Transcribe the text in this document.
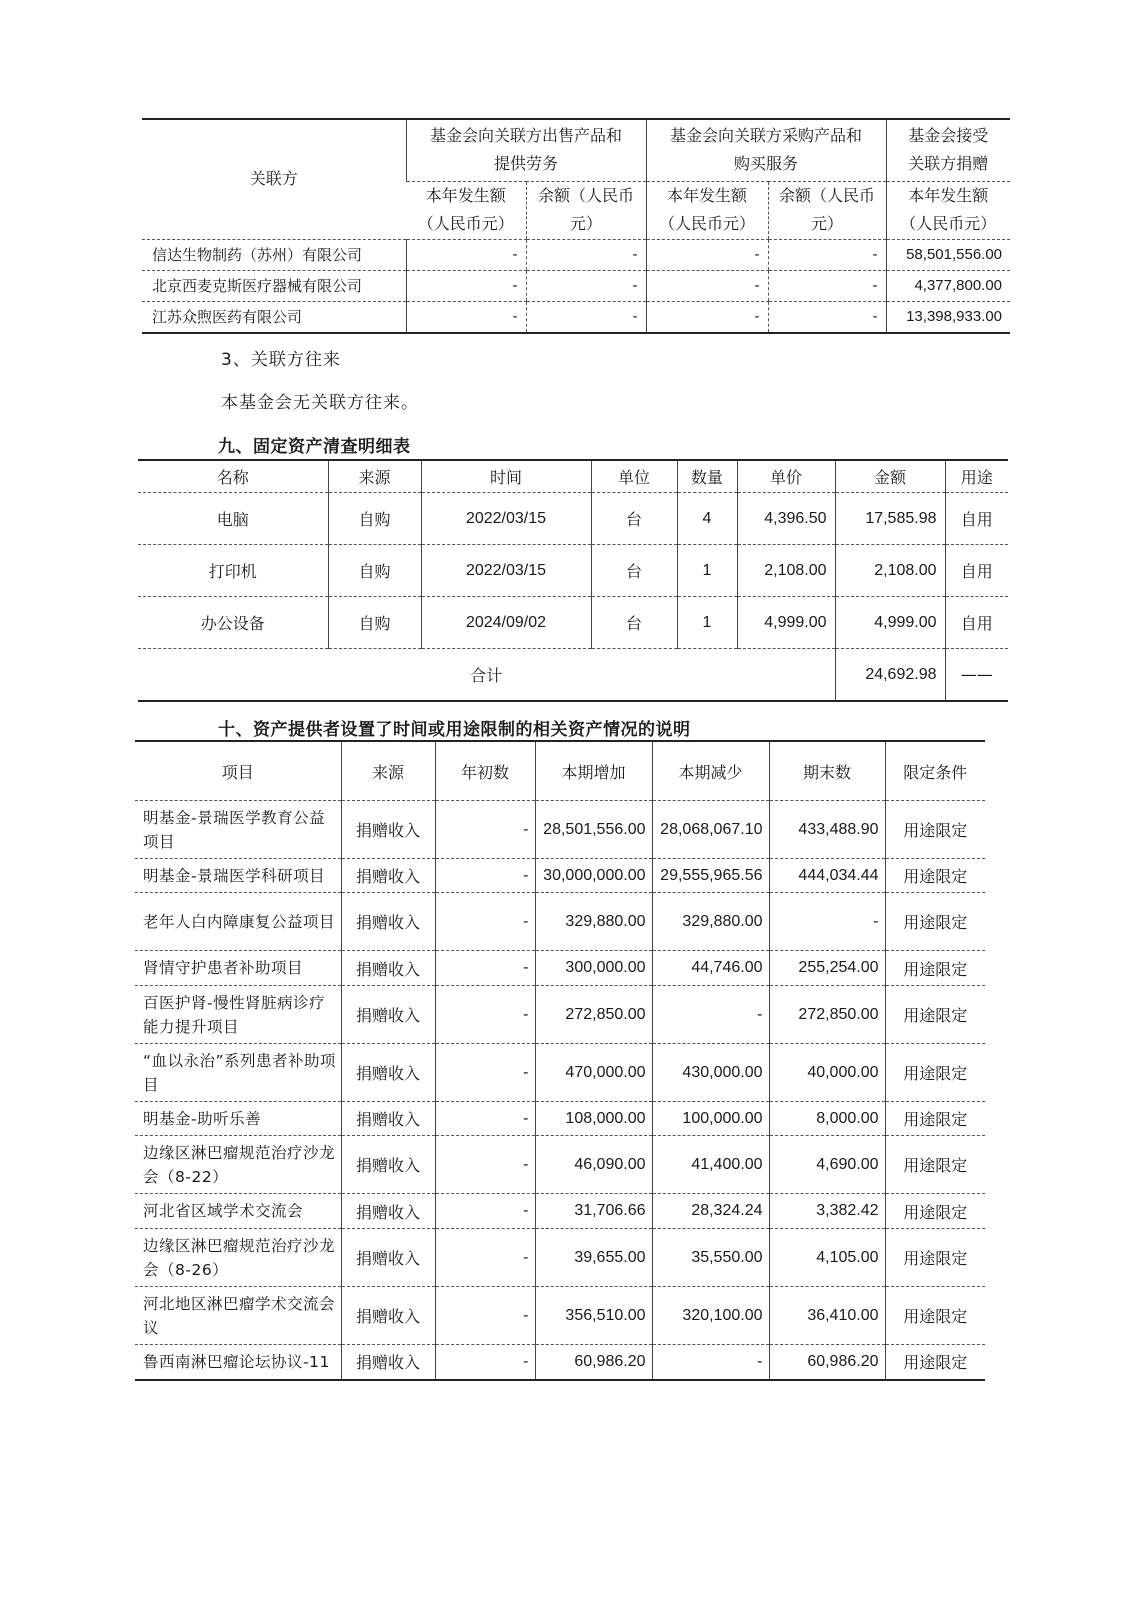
关联方	基金会向关联方出售产品和提供劳务		基金会向关联方采购产品和购买服务		基金会接受关联方捐赠
	本年发生额（人民币元）	余额（人民币元）	本年发生额（人民币元）	余额（人民币元）	本年发生额（人民币元）
信达生物制药（苏州）有限公司	-	-	-	-	58,501,556.00
北京西麦克斯医疗器械有限公司	-	-	-	-	4,377,800.00
江苏众煦医药有限公司	-	-	-	-	13,398,933.00
3、关联方往来
本基金会无关联方往来。
九、固定资产清查明细表
名称	来源	时间	单位	数量	单价	金额	用途
电脑	自购	2022/03/15	台	4	4,396.50	17,585.98	自用
打印机	自购	2022/03/15	台	1	2,108.00	2,108.00	自用
办公设备	自购	2024/09/02	台	1	4,999.00	4,999.00	自用
合计						24,692.98	——
十、资产提供者设置了时间或用途限制的相关资产情况的说明
项目	来源	年初数	本期增加	本期减少	期末数	限定条件
明基金-景瑞医学教育公益项目	捐赠收入	-	28,501,556.00	28,068,067.10	433,488.90	用途限定
明基金-景瑞医学科研项目	捐赠收入	-	30,000,000.00	29,555,965.56	444,034.44	用途限定
老年人白内障康复公益项目	捐赠收入	-	329,880.00	329,880.00	-	用途限定
肾情守护患者补助项目	捐赠收入	-	300,000.00	44,746.00	255,254.00	用途限定
百医护肾-慢性肾脏病诊疗能力提升项目	捐赠收入	-	272,850.00	-	272,850.00	用途限定
“血以永治”系列患者补助项目	捐赠收入	-	470,000.00	430,000.00	40,000.00	用途限定
明基金-助听乐善	捐赠收入	-	108,000.00	100,000.00	8,000.00	用途限定
边缘区淋巴瘤规范治疗沙龙会（8-22）	捐赠收入	-	46,090.00	41,400.00	4,690.00	用途限定
河北省区域学术交流会	捐赠收入	-	31,706.66	28,324.24	3,382.42	用途限定
边缘区淋巴瘤规范治疗沙龙会（8-26）	捐赠收入	-	39,655.00	35,550.00	4,105.00	用途限定
河北地区淋巴瘤学术交流会议	捐赠收入	-	356,510.00	320,100.00	36,410.00	用途限定
鲁西南淋巴瘤论坛协议-11	捐赠收入	-	60,986.20	-	60,986.20	用途限定
